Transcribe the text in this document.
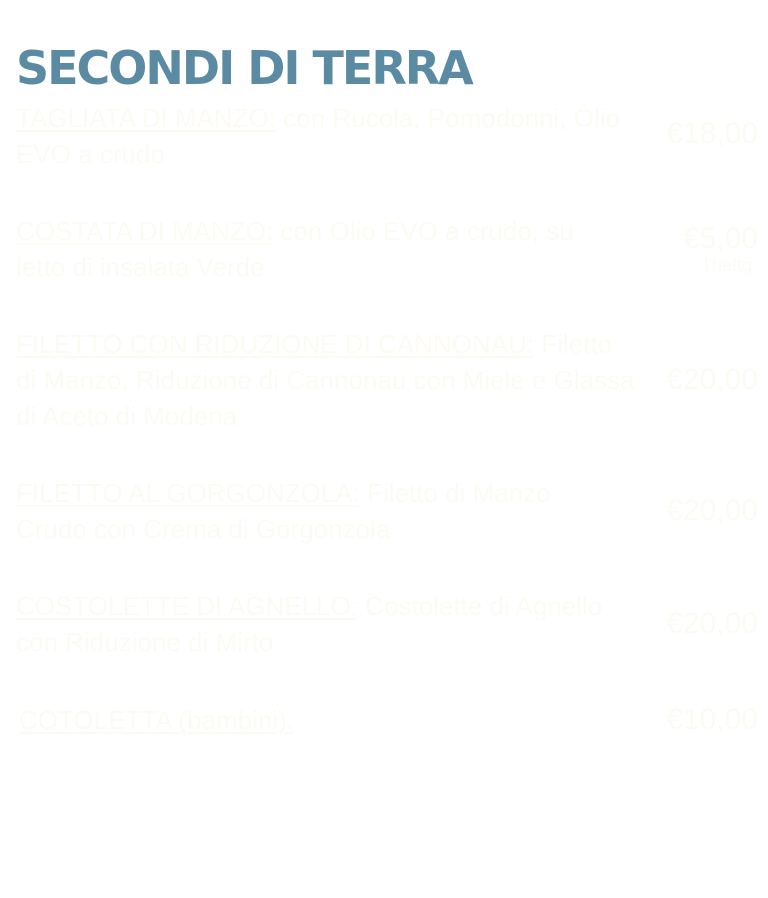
SECONDI DI TERRA
TAGLIATA DI MANZO: con Rucola, Pomodorini, Olio EVO a crudo
€18,00
COSTATA DI MANZO: con Olio EVO a crudo, su letto di insalata Verde
€5,00
l'hettg
FILETTO CON RIDUZIONE DI CANNONAU: Filetto di Manzo, Riduzione di Cannonau con Miele e Glassa di Aceto di Modena
€20,00
FILETTO AL GORGONZOLA: Filetto di Manzo Crudo con Crema di Gorgonzola
€20,00
COSTOLETTE DI AGNELLO: Costolette di Agnello con Riduzione di Mirto
€20,00
COTOLETTA (bambini).	€10,00
